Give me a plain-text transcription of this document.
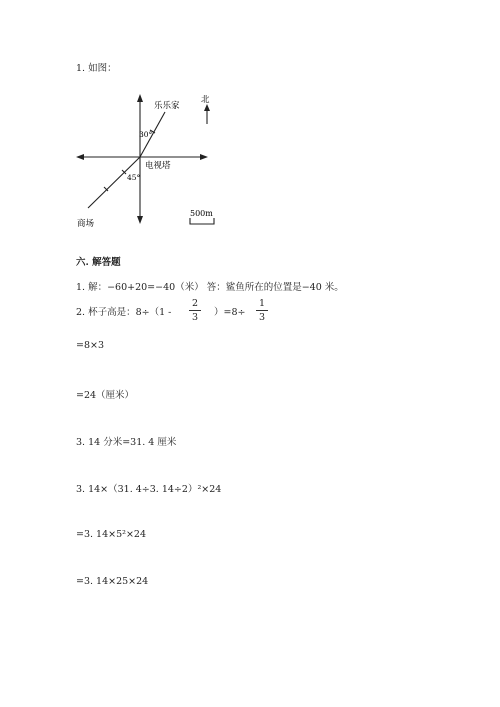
1. 如图：
乐乐家
北
30°
电视塔
45°
商场
500m
六. 解答题
1. 解：−60+20=−40（米） 答：鲨鱼所在的位置是−40 米。
2. 杯子高是：8÷（1 -
2
3	）=8÷
1
3
=8×3
=24（厘米）
3. 14 分米=31. 4 厘米
3. 14×（31. 4÷3. 14÷2）²×24
=3. 14×5²×24
=3. 14×25×24
